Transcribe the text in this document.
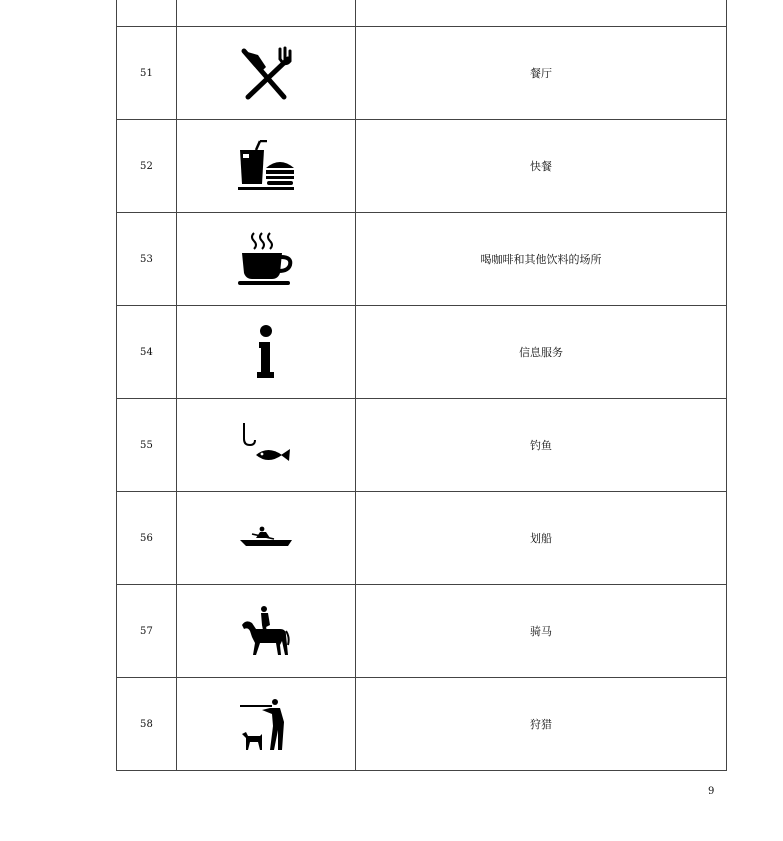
51		餐厅
52		快餐
53		喝咖啡和其他饮料的场所
54		信息服务
55		钓鱼
56		划船
57		骑马
58		狩猎
9
